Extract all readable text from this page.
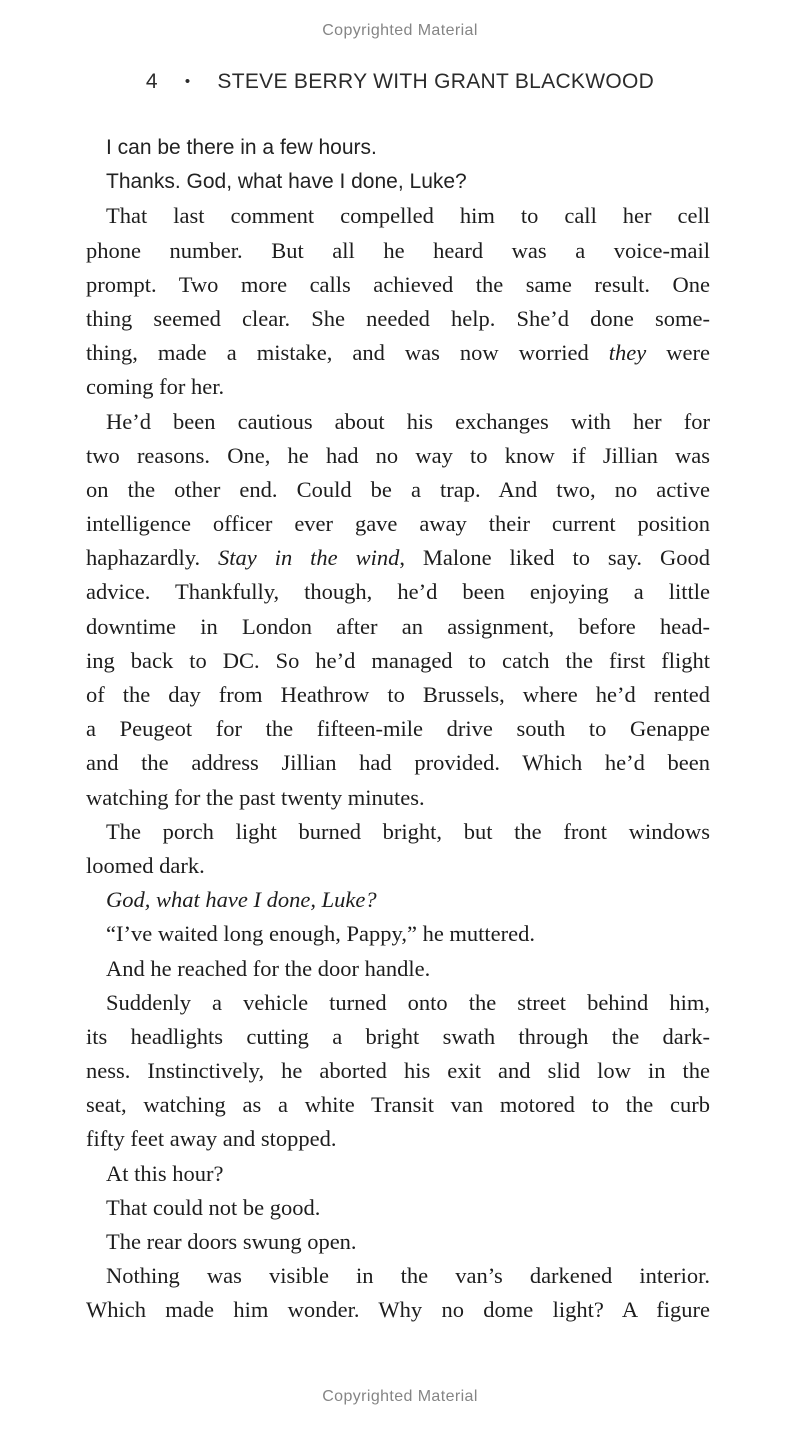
Copyrighted Material
4 • STEVE BERRY WITH GRANT BLACKWOOD
I can be there in a few hours.
Thanks. God, what have I done, Luke?
That last comment compelled him to call her cell
phone number. But all he heard was a voice-mail
prompt. Two more calls achieved the same result. One
thing seemed clear. She needed help. She’d done some-
thing, made a mistake, and was now worried they were
coming for her.
He’d been cautious about his exchanges with her for
two reasons. One, he had no way to know if Jillian was
on the other end. Could be a trap. And two, no active
intelligence officer ever gave away their current position
haphazardly. Stay in the wind, Malone liked to say. Good
advice. Thankfully, though, he’d been enjoying a little
downtime in London after an assignment, before head-
ing back to DC. So he’d managed to catch the first flight
of the day from Heathrow to Brussels, where he’d rented
a Peugeot for the fifteen-mile drive south to Genappe
and the address Jillian had provided. Which he’d been
watching for the past twenty minutes.
The porch light burned bright, but the front windows
loomed dark.
God, what have I done, Luke?
“I’ve waited long enough, Pappy,” he muttered.
And he reached for the door handle.
Suddenly a vehicle turned onto the street behind him,
its headlights cutting a bright swath through the dark-
ness. Instinctively, he aborted his exit and slid low in the
seat, watching as a white Transit van motored to the curb
fifty feet away and stopped.
At this hour?
That could not be good.
The rear doors swung open.
Nothing was visible in the van’s darkened interior.
Which made him wonder. Why no dome light? A figure
Copyrighted Material
